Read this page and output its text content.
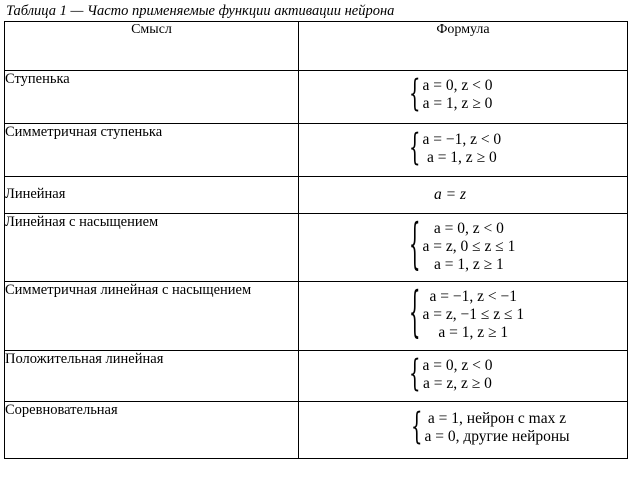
Таблица 1 — Часто применяемые функции активации нейрона
Смысл	Формула
Ступенька	{ a = 0, z < 0
a = 1, z ≥ 0

Симметричная ступенька	{ a = −1, z < 0
a = 1, z ≥ 0

Линейная	a = z

Линейная с насыщением	{ a = 0, z < 0
a = z, 0 ≤ z ≤ 1
a = 1, z ≥ 1

Симметричная линейная с насыщением	{ a = −1, z < −1
a = z, −1 ≤ z ≤ 1
a = 1, z ≥ 1

Положительная линейная	{ a = 0, z < 0
a = z, z ≥ 0

Соревновательная	{ a = 1, нейрон с max z
a = 0, другие нейроны
